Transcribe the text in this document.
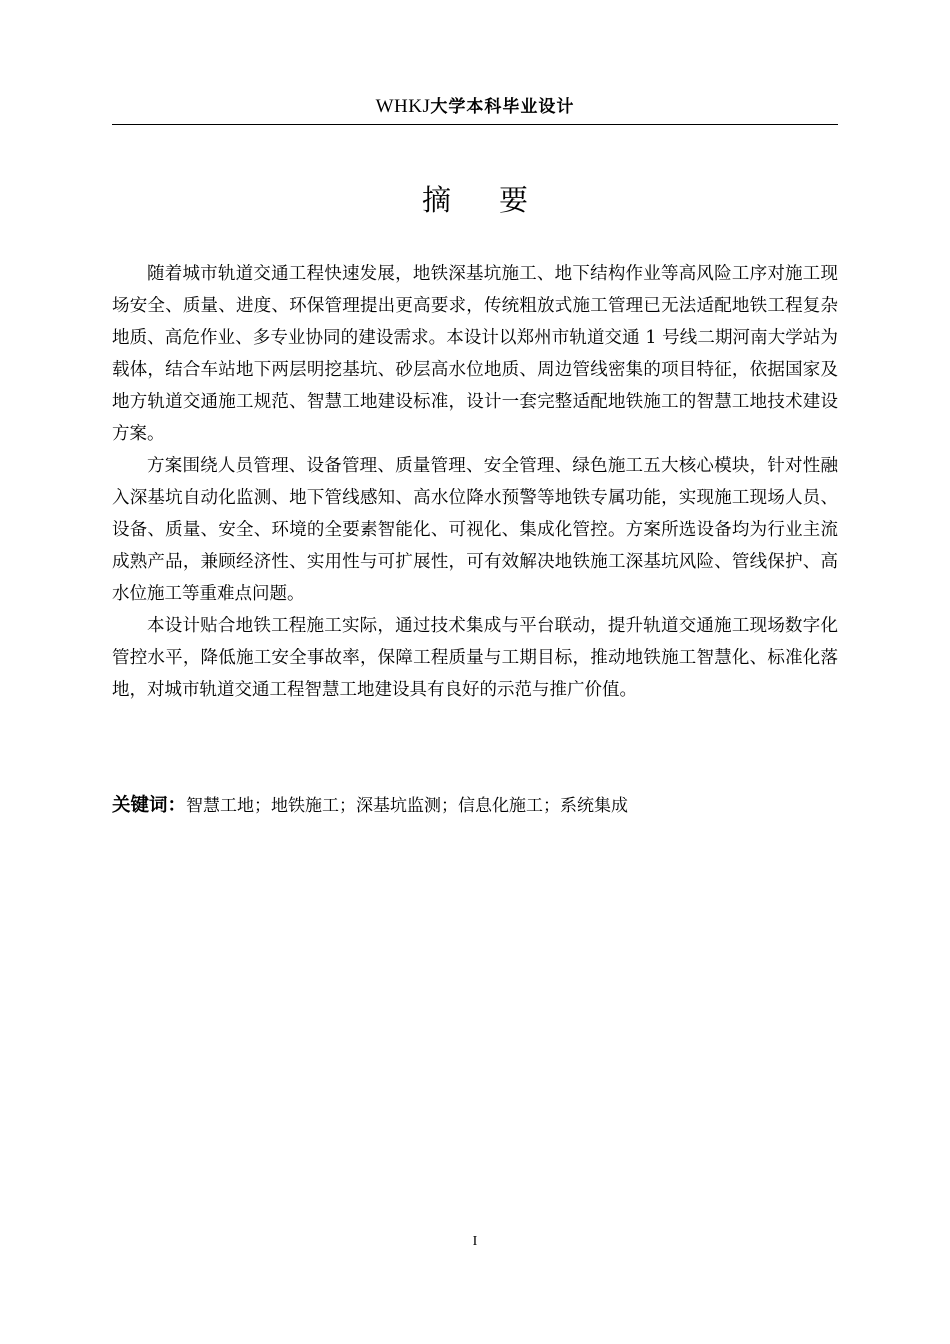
WHKJ大学本科毕业设计
摘要

随着城市轨道交通工程快速发展，地铁深基坑施工、地下结构作业等高风险工序对施工现场安全、质量、进度、环保管理提出更高要求，传统粗放式施工管理已无法适配地铁工程复杂地质、高危作业、多专业协同的建设需求。本设计以郑州市轨道交通 1 号线二期河南大学站为载体，结合车站地下两层明挖基坑、砂层高水位地质、周边管线密集的项目特征，依据国家及地方轨道交通施工规范、智慧工地建设标准，设计一套完整适配地铁施工的智慧工地技术建设方案。

方案围绕人员管理、设备管理、质量管理、安全管理、绿色施工五大核心模块，针对性融入深基坑自动化监测、地下管线感知、高水位降水预警等地铁专属功能，实现施工现场人员、设备、质量、安全、环境的全要素智能化、可视化、集成化管控。方案所选设备均为行业主流成熟产品，兼顾经济性、实用性与可扩展性，可有效解决地铁施工深基坑风险、管线保护、高水位施工等重难点问题。

本设计贴合地铁工程施工实际，通过技术集成与平台联动，提升轨道交通施工现场数字化管控水平，降低施工安全事故率，保障工程质量与工期目标，推动地铁施工智慧化、标准化落地，对城市轨道交通工程智慧工地建设具有良好的示范与推广价值。

关键词：智慧工地；地铁施工；深基坑监测；信息化施工；系统集成
I
